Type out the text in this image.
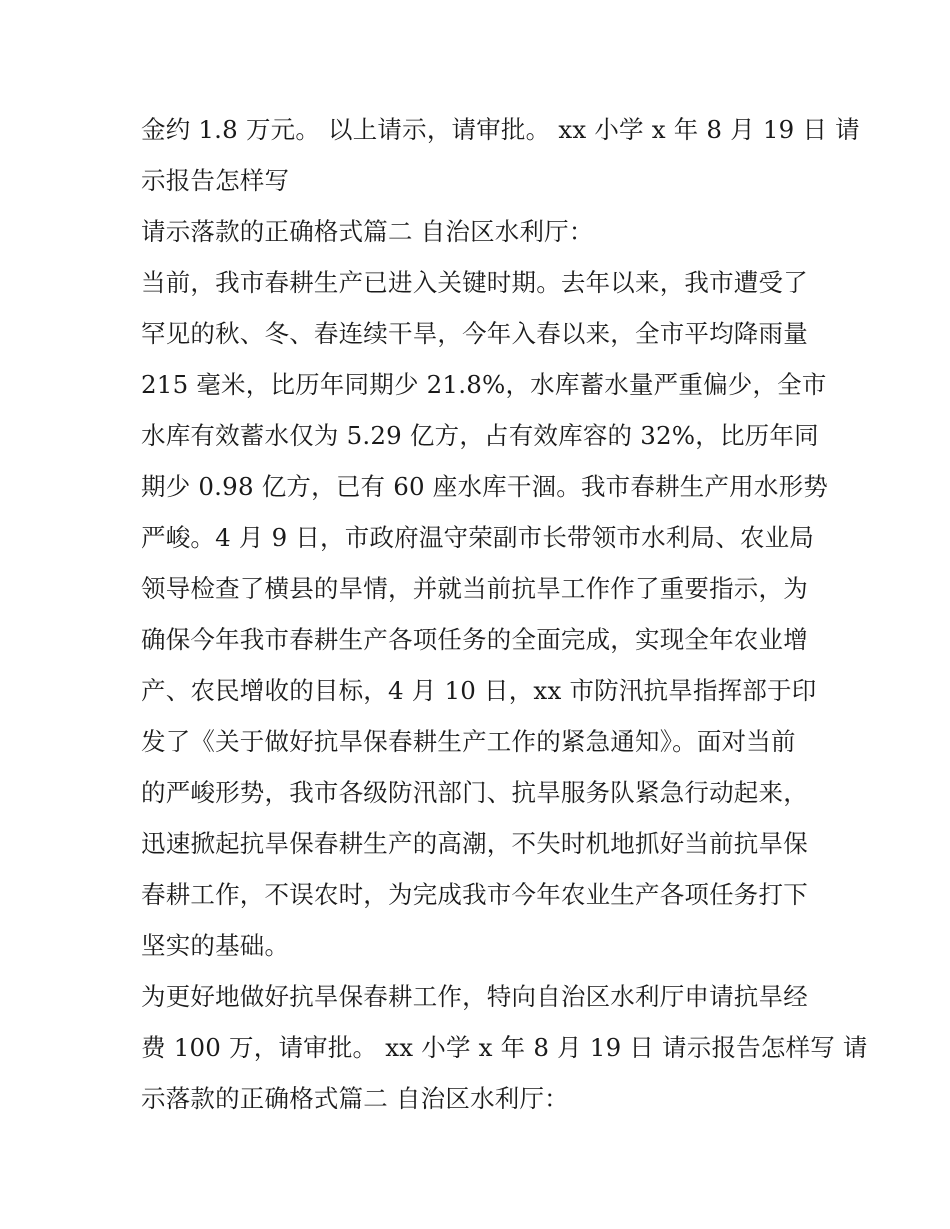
金约 1.8 万元。 以上请示，请审批。 xx 小学 x 年 8 月 19 日 请
示报告怎样写
请示落款的正确格式篇二 自治区水利厅：
当前，我市春耕生产已进入关键时期。去年以来，我市遭受了
罕见的秋、冬、春连续干旱，今年入春以来，全市平均降雨量
215 毫米，比历年同期少 21.8%，水库蓄水量严重偏少，全市
水库有效蓄水仅为 5.29 亿方，占有效库容的 32%，比历年同
期少 0.98 亿方，已有 60 座水库干涸。我市春耕生产用水形势
严峻。4 月 9 日，市政府温守荣副市长带领市水利局、农业局
领导检查了横县的旱情，并就当前抗旱工作作了重要指示，为
确保今年我市春耕生产各项任务的全面完成，实现全年农业增
产、农民增收的目标，4 月 10 日，xx 市防汛抗旱指挥部于印
发了《关于做好抗旱保春耕生产工作的紧急通知》。面对当前
的严峻形势，我市各级防汛部门、抗旱服务队紧急行动起来，
迅速掀起抗旱保春耕生产的高潮，不失时机地抓好当前抗旱保
春耕工作，不误农时，为完成我市今年农业生产各项任务打下
坚实的基础。
为更好地做好抗旱保春耕工作，特向自治区水利厅申请抗旱经
费 100 万，请审批。 xx 小学 x 年 8 月 19 日 请示报告怎样写 请
示落款的正确格式篇二 自治区水利厅：
